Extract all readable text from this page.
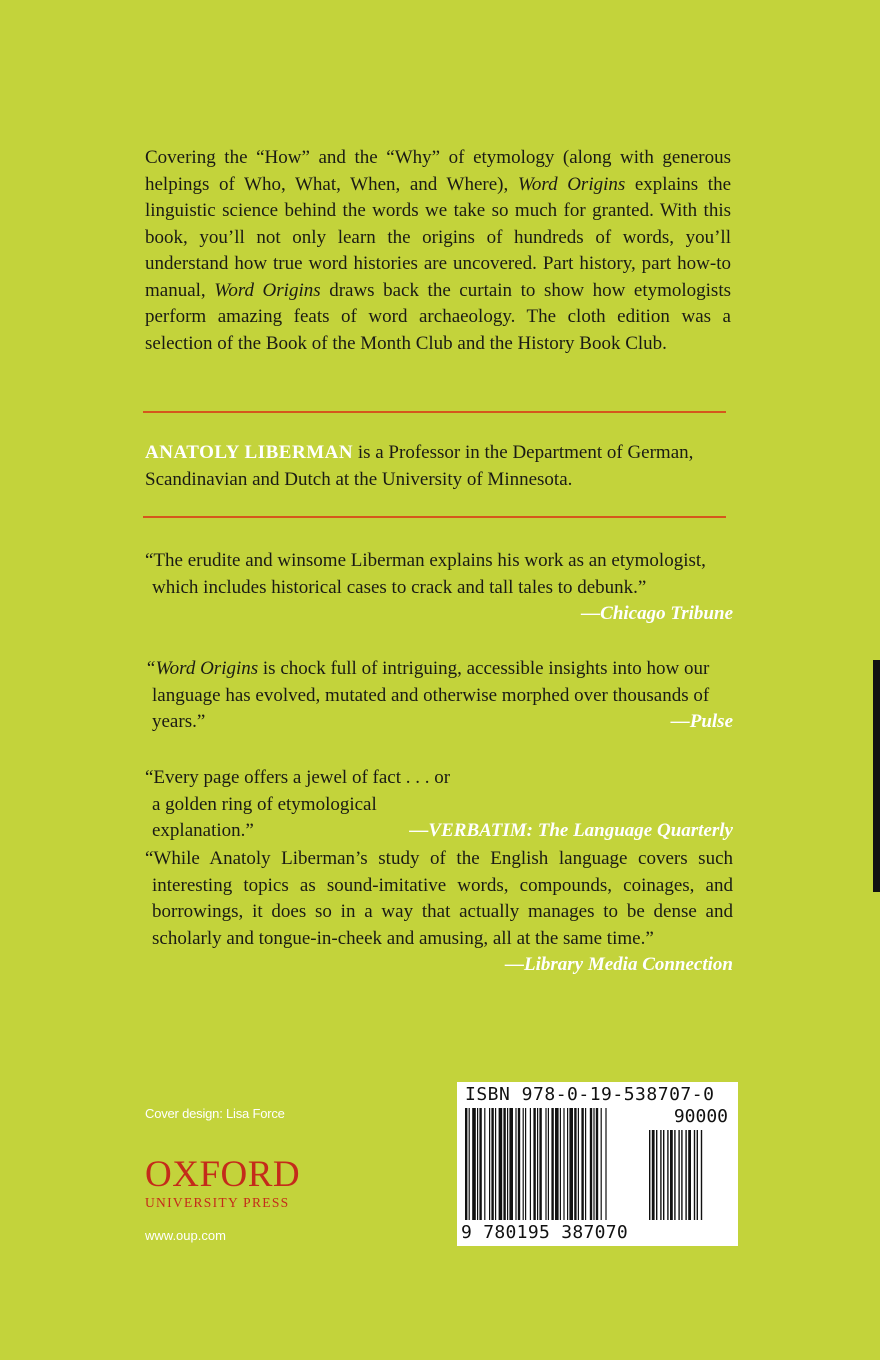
Covering the “How” and the “Why” of etymology (along with generous helpings of Who, What, When, and Where), Word Origins explains the linguistic science behind the words we take so much for granted. With this book, you’ll not only learn the origins of hundreds of words, you’ll understand how true word histories are uncovered. Part history, part how-to manual, Word Origins draws back the curtain to show how etymologists perform amazing feats of word archaeology. The cloth edition was a selection of the Book of the Month Club and the History Book Club.

ANATOLY LIBERMAN is a Professor in the Department of German, Scandinavian and Dutch at the University of Minnesota.

“The erudite and winsome Liberman explains his work as an etymologist, which includes historical cases to crack and tall tales to debunk.”
—Chicago Tribune

“Word Origins is chock full of intriguing, accessible insights into how our language has evolved, mutated and otherwise morphed over thousands of years.”	—Pulse

“Every page offers a jewel of fact . . . or a golden ring of etymological explanation.”	—VERBATIM: The Language Quarterly

“While Anatoly Liberman’s study of the English language covers such interesting topics as sound-imitative words, compounds, coinages, and borrowings, it does so in a way that actually manages to be dense and scholarly and tongue-in-cheek and amusing, all at the same time.”
—Library Media Connection

Cover design: Lisa Force
OXFORD
UNIVERSITY PRESS
www.oup.com
ISBN 978-0-19-538707-0
90000
9 780195 387070
